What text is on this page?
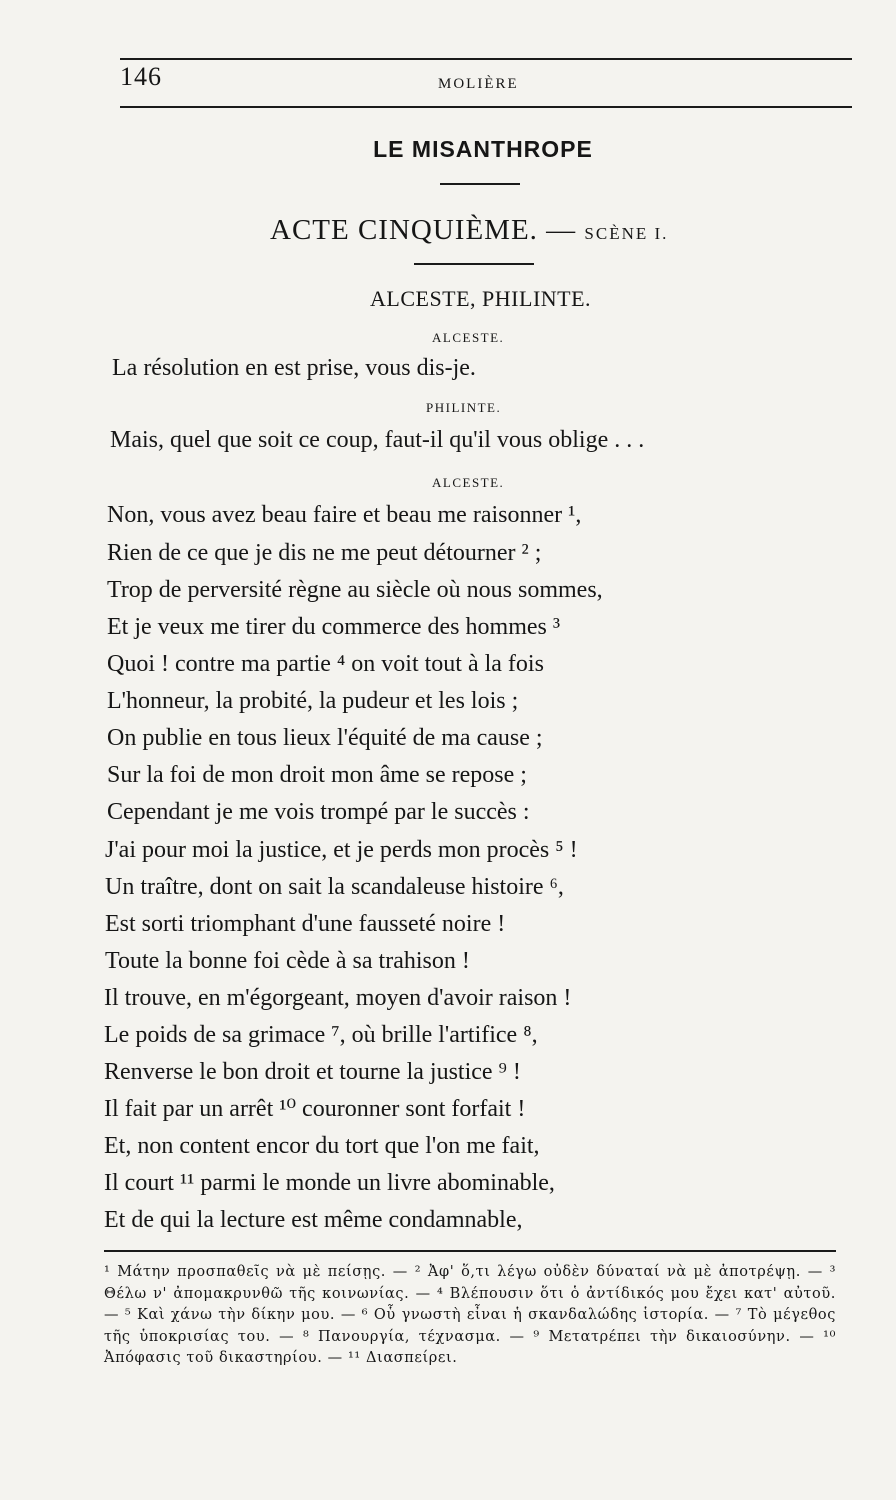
146	MOLIÈRE
LE MISANTHROPE
ACTE CINQUIÈME. — SCÈNE I.
ALCESTE, PHILINTE.
ALCESTE.
La résolution en est prise, vous dis-je.
PHILINTE.
Mais, quel que soit ce coup, faut-il qu'il vous oblige . . .
ALCESTE.
Non, vous avez beau faire et beau me raisonner ¹,
Rien de ce que je dis ne me peut détourner ² ;
Trop de perversité règne au siècle où nous sommes,
Et je veux me tirer du commerce des hommes ³
Quoi ! contre ma partie ⁴ on voit tout à la fois
L'honneur, la probité, la pudeur et les lois ;
On publie en tous lieux l'équité de ma cause ;
Sur la foi de mon droit mon âme se repose ;
Cependant je me vois trompé par le succès :
J'ai pour moi la justice, et je perds mon procès ⁵ !
Un traître, dont on sait la scandaleuse histoire ⁶,
Est sorti triomphant d'une fausseté noire !
Toute la bonne foi cède à sa trahison !
Il trouve, en m'égorgeant, moyen d'avoir raison !
Le poids de sa grimace ⁷, où brille l'artifice ⁸,
Renverse le bon droit et tourne la justice ⁹ !
Il fait par un arrêt ¹⁰ couronner sont forfait !
Et, non content encor du tort que l'on me fait,
Il court ¹¹ parmi le monde un livre abominable,
Et de qui la lecture est même condamnable,
¹ Μάτην προσπαθεῖς νὰ μὲ πείσῃς. — ² Ἀφ' ὅ,τι λέγω οὐδὲν δύναταί νὰ μὲ ἀποτρέψῃ. — ³ Θέλω ν' ἀπομακρυνθῶ τῆς κοινωνίας. — ⁴ Βλέπουσιν ὅτι ὁ ἀντίδικός μου ἔχει κατ' αὐτοῦ. — ⁵ Καὶ χάνω τὴν δίκην μου. — ⁶ Οὗ γνωστὴ εἶναι ἡ σκανδαλώδης ἱστορία. — ⁷ Τὸ μέγεθος τῆς ὑποκρισίας του. — ⁸ Πανουργία, τέχνασμα. — ⁹ Μετατρέπει τὴν δικαιοσύνην. — ¹⁰ Ἀπόφασις τοῦ δικαστηρίου. — ¹¹ Διασπείρει.
